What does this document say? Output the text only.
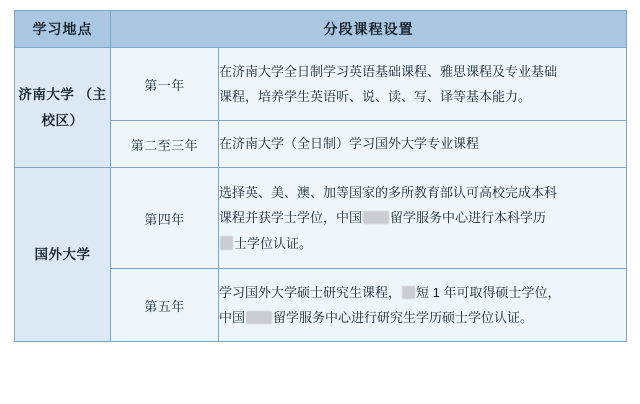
学习地点	分段课程设置	
济南大学 （主校区）	第一年	在济南大学全日制学习英语基础课程、雅思课程及专业基础
课程，培养学生英语听、说、读、写、译等基本能力。

	第二至三年	在济南大学（全日制）学习国外大学专业课程

国外大学	第四年	选择英、美、澳、加等国家的多所教育部认可高校完成本科
课程并获学士学位，中国 留学服务中心进行本科学历
士学位认证。

	第五年	学习国外大学硕士研究生课程， 短 1 年可取得硕士学位，
中国 留学服务中心进行研究生学历硕士学位认证。
